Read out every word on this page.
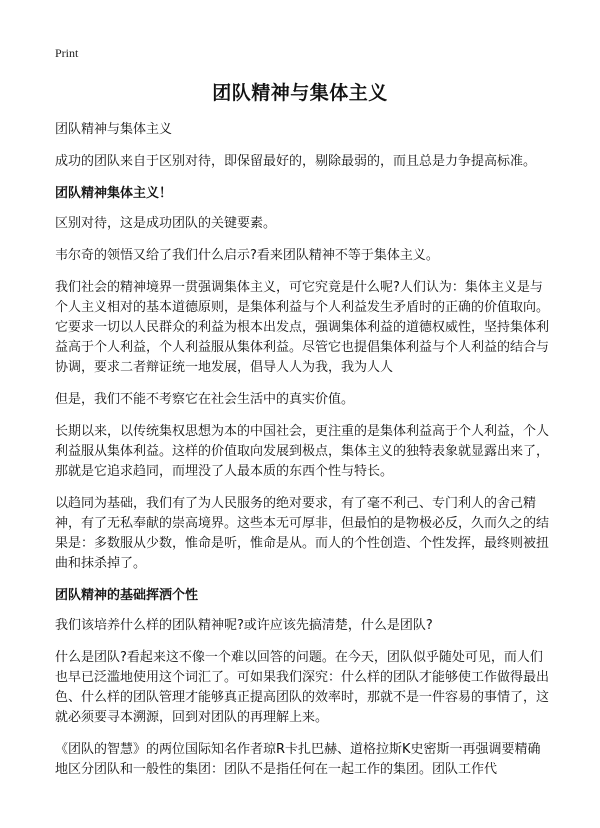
Print
团队精神与集体主义

团队精神与集体主义

成功的团队来自于区别对待，即保留最好的，剔除最弱的，而且总是力争提高标准。

团队精神集体主义！

区别对待，这是成功团队的关键要素。

韦尔奇的领悟又给了我们什么启示?看来团队精神不等于集体主义。

我们社会的精神境界一贯强调集体主义，可它究竟是什么呢?人们认为：集体主义是与个人主义相对的基本道德原则，是集体利益与个人利益发生矛盾时的正确的价值取向。它要求一切以人民群众的利益为根本出发点，强调集体利益的道德权威性，坚持集体利益高于个人利益，个人利益服从集体利益。尽管它也提倡集体利益与个人利益的结合与协调，要求二者辩证统一地发展，倡导人人为我，我为人人

但是，我们不能不考察它在社会生活中的真实价值。

长期以来，以传统集权思想为本的中国社会，更注重的是集体利益高于个人利益，个人利益服从集体利益。这样的价值取向发展到极点，集体主义的独特表象就显露出来了，那就是它追求趋同，而埋没了人最本质的东西个性与特长。

以趋同为基础，我们有了为人民服务的绝对要求，有了毫不利己、专门利人的舍己精神，有了无私奉献的崇高境界。这些本无可厚非，但最怕的是物极必反，久而久之的结果是：多数服从少数，惟命是听，惟命是从。而人的个性创造、个性发挥，最终则被扭曲和抹杀掉了。

团队精神的基础挥洒个性

我们该培养什么样的团队精神呢?或许应该先搞清楚，什么是团队?

什么是团队?看起来这不像一个难以回答的问题。在今天，团队似乎随处可见，而人们也早已泛滥地使用这个词汇了。可如果我们深究：什么样的团队才能够使工作做得最出色、什么样的团队管理才能够真正提高团队的效率时，那就不是一件容易的事情了，这就必须要寻本溯源，回到对团队的再理解上来。

《团队的智慧》的两位国际知名作者琼R卡扎巴赫、道格拉斯K史密斯一再强调要精确地区分团队和一般性的集团：团队不是指任何在一起工作的集团。团队工作代
